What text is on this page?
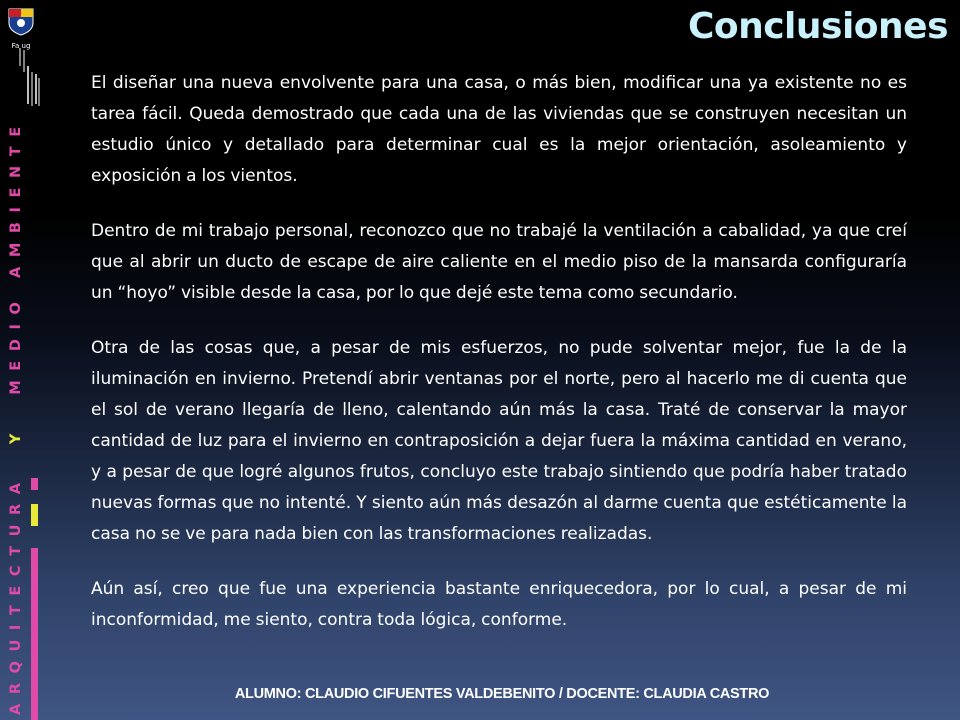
Fa ug
ARQUITECTURA  Y  MEDIO AMBIENTE
Conclusiones

El diseñar una nueva envolvente para una casa, o más bien, modificar una ya existente no es tarea fácil. Queda demostrado que cada una de las viviendas que se construyen necesitan un estudio único y detallado para determinar cual es la mejor orientación, asoleamiento y exposición a los vientos.

Dentro de mi trabajo personal, reconozco que no trabajé la ventilación a cabalidad, ya que creí que al abrir un ducto de escape de aire caliente en el medio piso de la mansarda configuraría un “hoyo” visible desde la casa, por lo que dejé este tema como secundario.

Otra de las cosas que, a pesar de mis esfuerzos, no pude solventar mejor, fue la de la iluminación en invierno. Pretendí abrir ventanas por el norte, pero al hacerlo me di cuenta que el sol de verano llegaría de lleno, calentando aún más la casa. Traté de conservar la mayor cantidad de luz para el invierno en contraposición a dejar fuera la máxima cantidad en verano, y a pesar de que logré algunos frutos, concluyo este trabajo sintiendo que podría haber tratado nuevas formas que no intenté. Y siento aún más desazón al darme cuenta que estéticamente la casa no se ve para nada bien con las transformaciones realizadas.

Aún así, creo que fue una experiencia bastante enriquecedora, por lo cual, a pesar de mi inconformidad, me siento, contra toda lógica, conforme.

ALUMNO: CLAUDIO CIFUENTES VALDEBENITO / DOCENTE: CLAUDIA CASTRO
